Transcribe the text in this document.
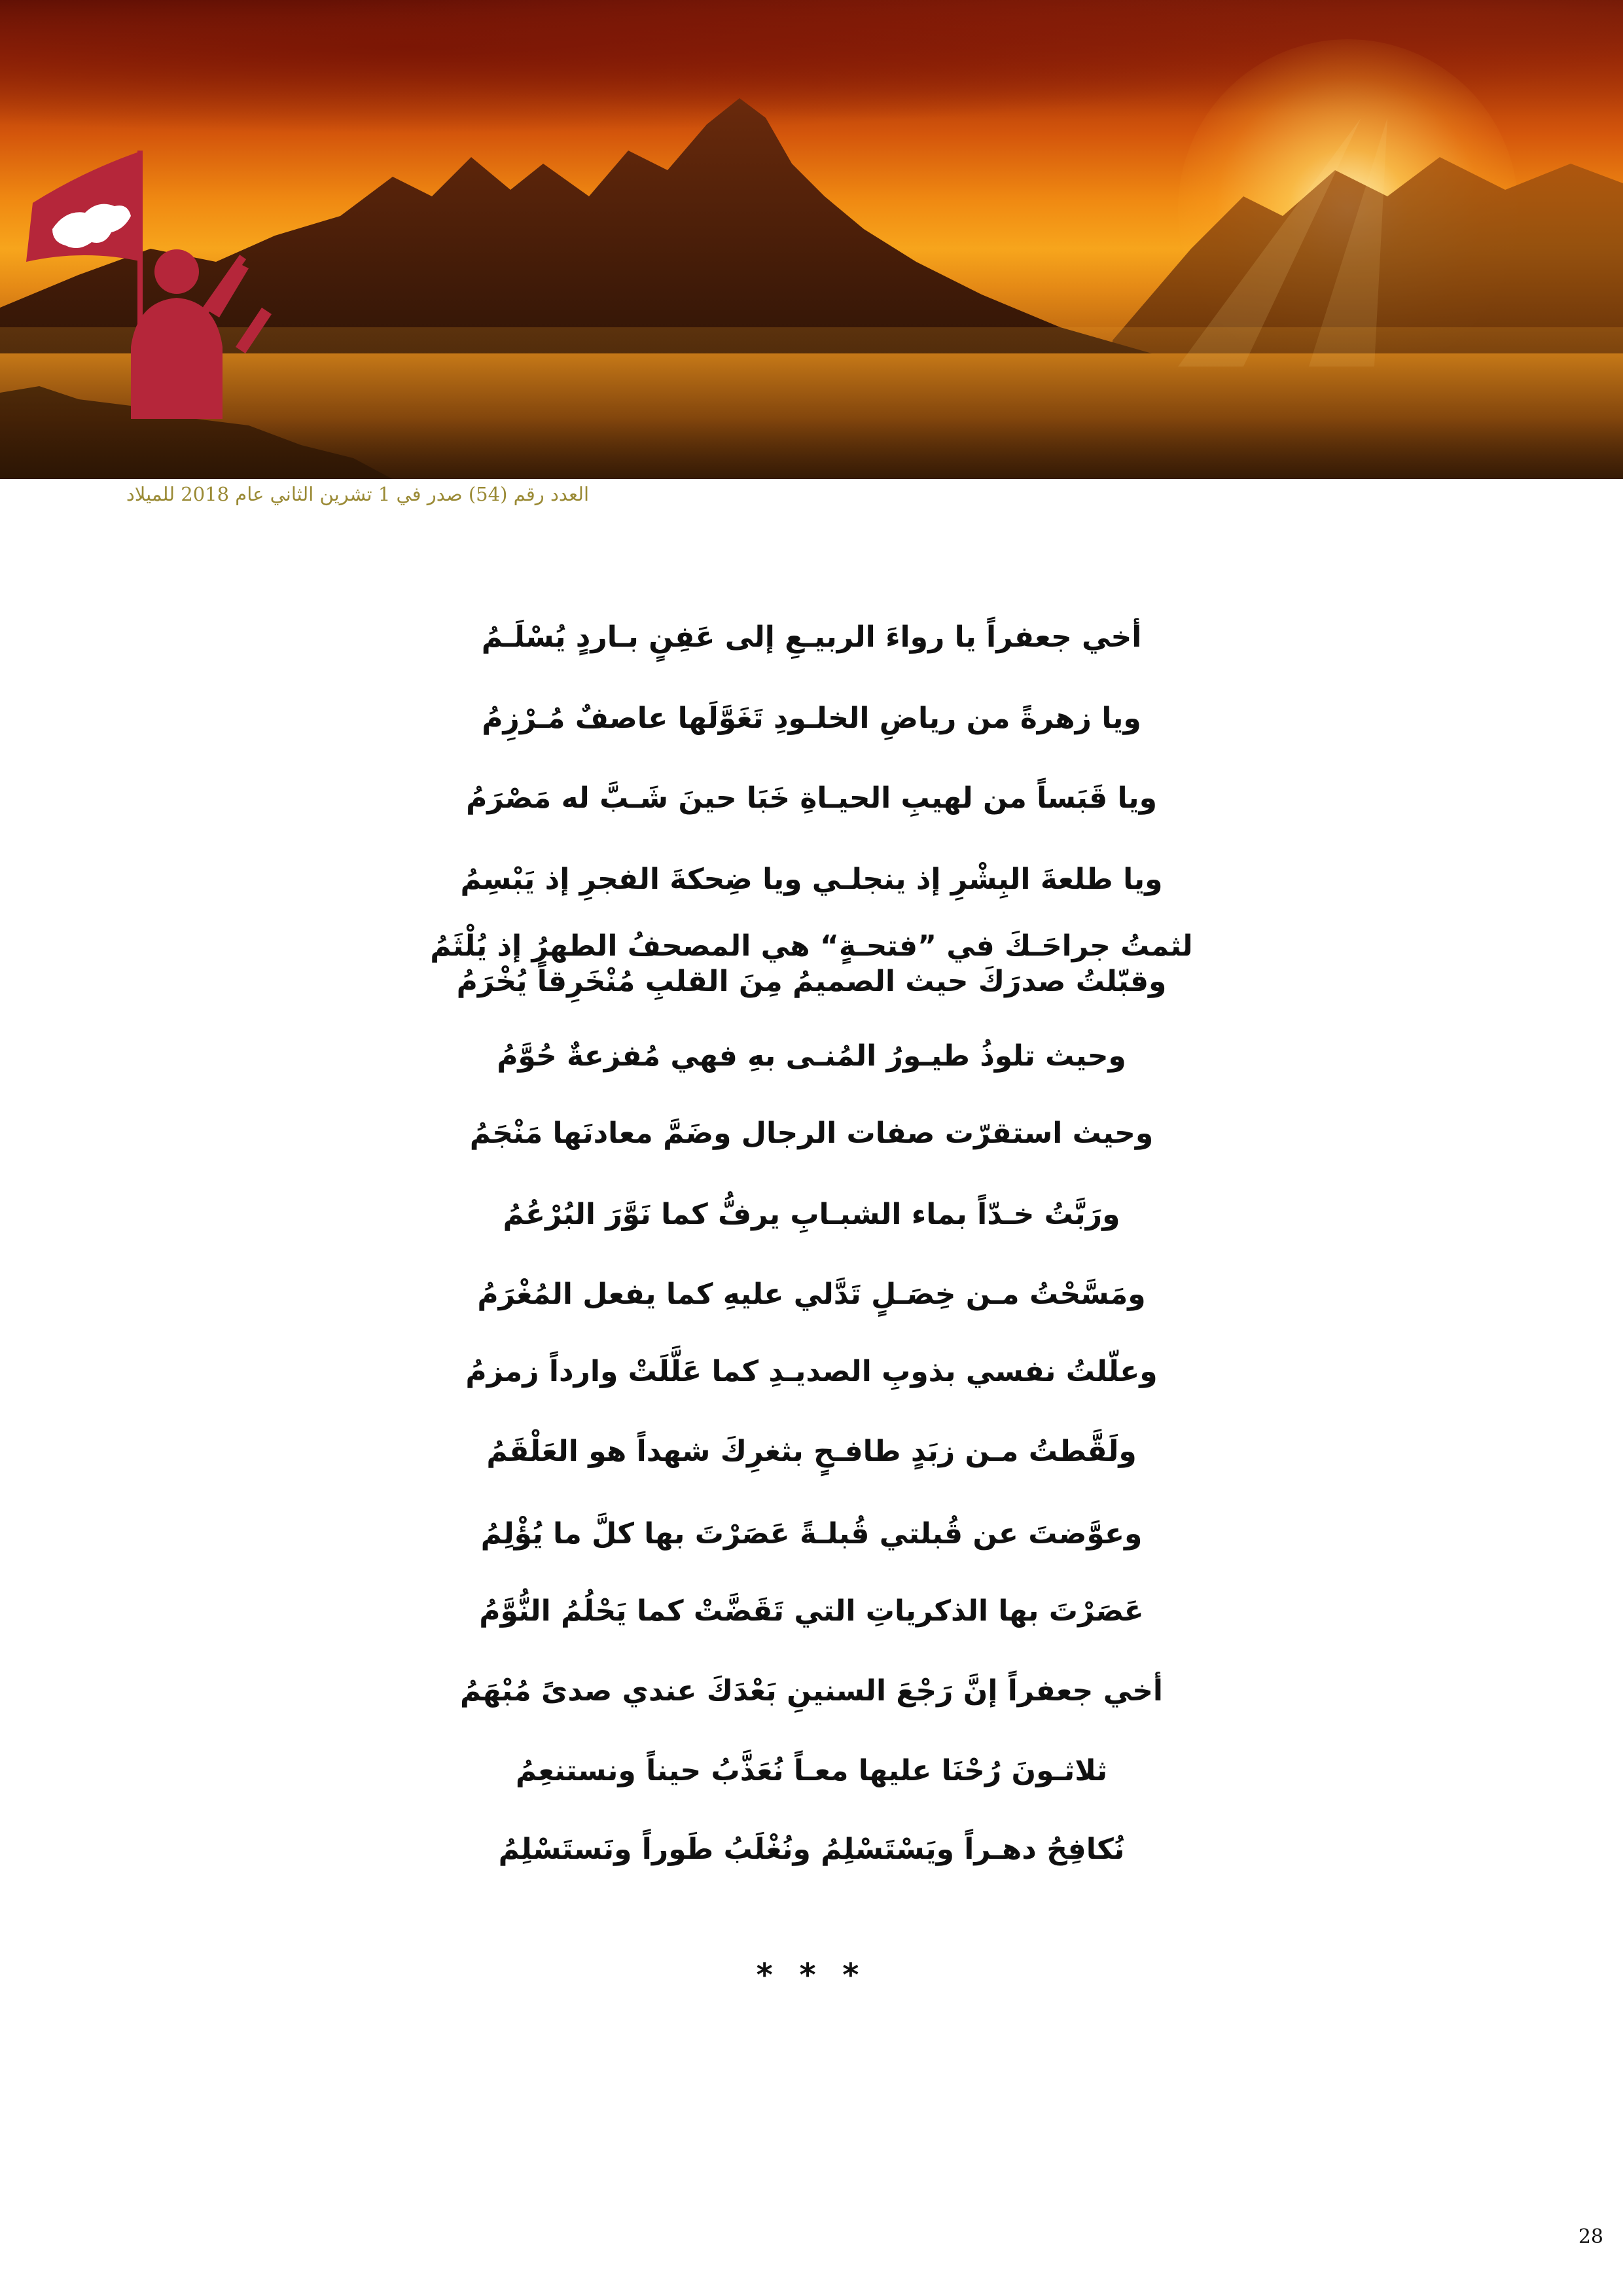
العدد رقم (54) صدر في 1 تشرين الثاني عام 2018 للميلاد
أخي جعفراً يا رواءَ الربيـعِ إلى عَفِنٍ بـاردٍ يُسْلَـمُ
ويا زهرةً من رياضِ الخلـودِ تَغَوَّلَها عاصفٌ مُـرْزِمُ
ويا قَبَساً من لهيبِ الحيـاةِ خَبَا حينَ شَـبَّ له مَصْرَمُ
ويا طلعةَ البِشْرِ إذ ينجلـي ويا ضِحكةَ الفجرِ إذ يَبْسِمُ
لثمتُ جراحَـكَ في ”فتحـةٍ“ هي المصحفُ الطهرُ إذ يُلْثَمُ
وقبّلتُ صدرَكَ حيث الصميمُ مِنَ القلبِ مُنْخَرِقاً يُخْرَمُ
وحيث تلوذُ طيـورُ المُنـى بهِ فهي مُفزعةٌ حُوَّمُ
وحيث استقرّت صفات الرجال وضَمَّ معادنَها مَنْجَمُ
ورَبَّتُ خـدّاً بماء الشبـابِ يرفُّ كما نَوَّرَ البُرْعُمُ
ومَسَّحْتُ مـن خِصَـلٍ تَدَّلي عليهِ كما يفعل المُغْرَمُ
وعلّلتُ نفسي بذوبِ الصديـدِ كما عَلَّلَتْ وارداً زمزمُ
ولَقَّطتُ مـن زبَدٍ طافـحٍ بثغرِكَ شهداً هو العَلْقَمُ
وعوَّضتَ عن قُبلتي قُبلـةً عَصَرْتَ بها كلَّ ما يُؤْلِمُ
عَصَرْتَ بها الذكرياتِ التي تَقَضَّتْ كما يَحْلُمُ النُّوَّمُ
أخي جعفراً إنَّ رَجْعَ السنينِ بَعْدَكَ عندي صدىً مُبْهَمُ
ثلاثـونَ رُحْنَا عليها معـاً نُعَذَّبُ حيناً ونستنعِمُ
نُكافِحُ دهـراً ويَسْتَسْلِمُ ونُغْلَبُ طَوراً ونَستَسْلِمُ
* * *
28
